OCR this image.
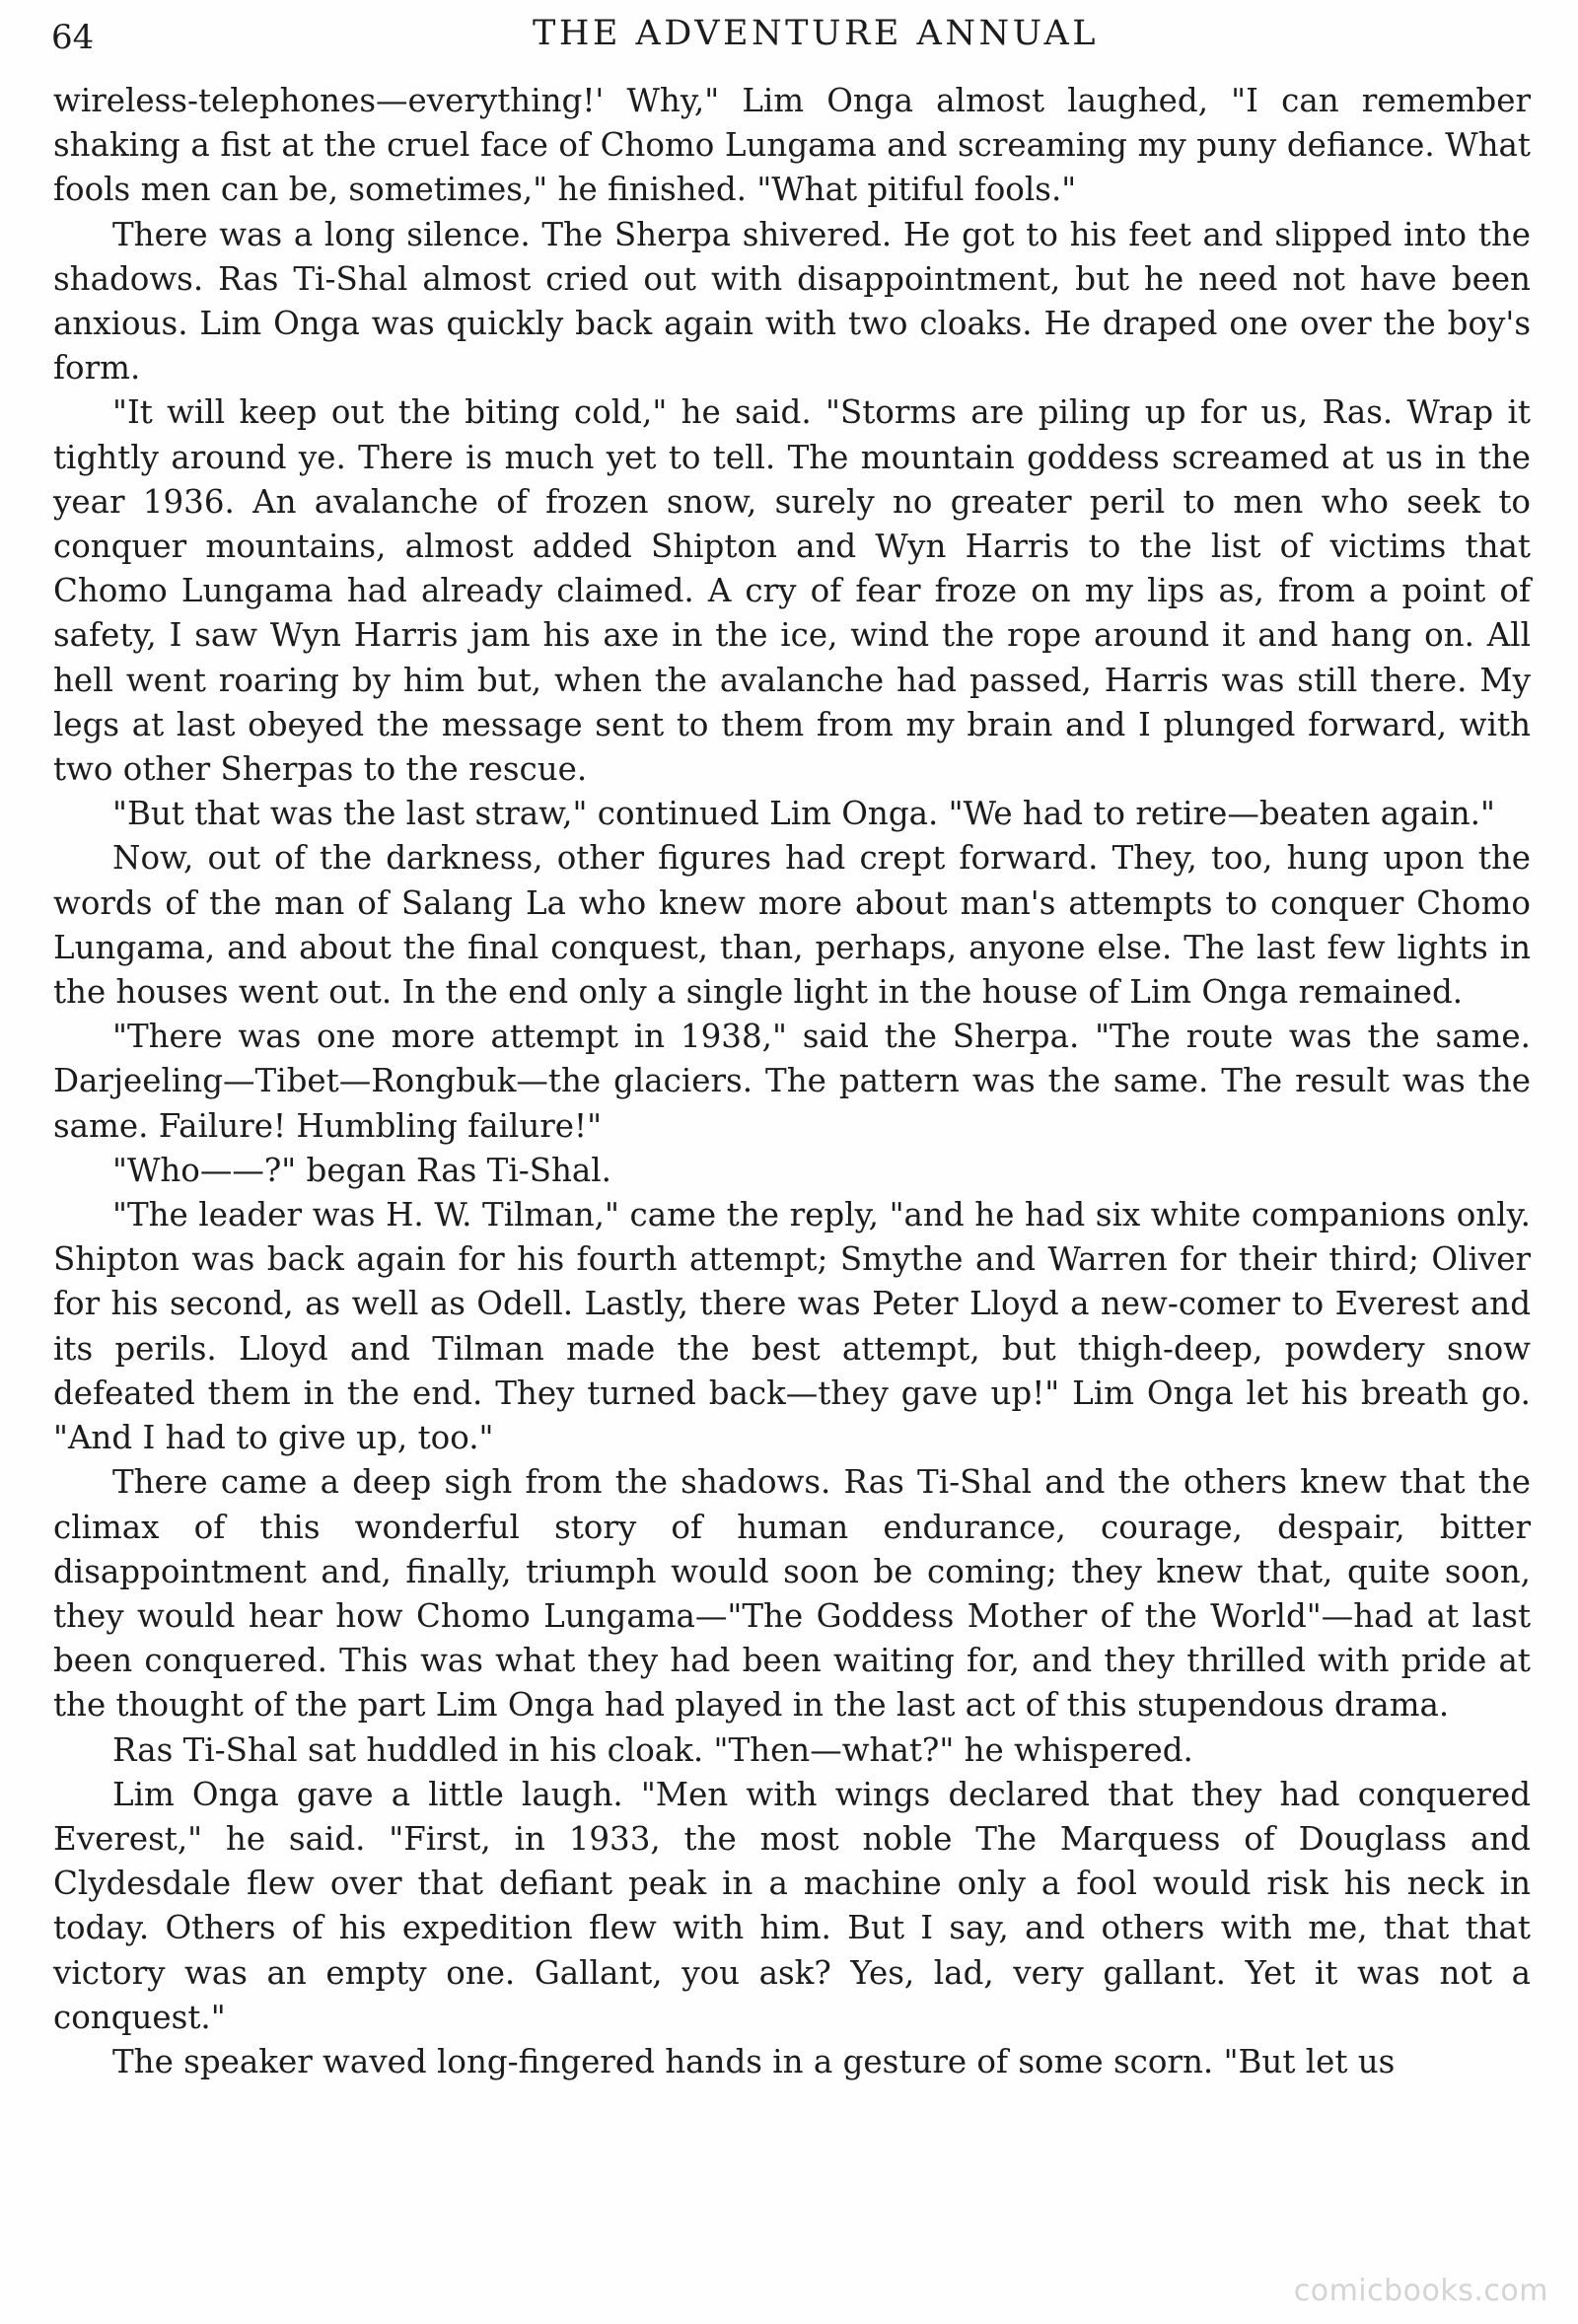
64	THE ADVENTURE ANNUAL

wireless-telephones—everything!' Why," Lim Onga almost laughed, "I can remember shaking a fist at the cruel face of Chomo Lungama and screaming my puny defiance. What fools men can be, sometimes," he finished. "What pitiful fools."

There was a long silence. The Sherpa shivered. He got to his feet and slipped into the shadows. Ras Ti-Shal almost cried out with disappointment, but he need not have been anxious. Lim Onga was quickly back again with two cloaks. He draped one over the boy's form.

"It will keep out the biting cold," he said. "Storms are piling up for us, Ras. Wrap it tightly around ye. There is much yet to tell. The mountain goddess screamed at us in the year 1936. An avalanche of frozen snow, surely no greater peril to men who seek to conquer mountains, almost added Shipton and Wyn Harris to the list of victims that Chomo Lungama had already claimed. A cry of fear froze on my lips as, from a point of safety, I saw Wyn Harris jam his axe in the ice, wind the rope around it and hang on. All hell went roaring by him but, when the avalanche had passed, Harris was still there. My legs at last obeyed the message sent to them from my brain and I plunged forward, with two other Sherpas to the rescue.

"But that was the last straw," continued Lim Onga. "We had to retire—beaten again."

Now, out of the darkness, other figures had crept forward. They, too, hung upon the words of the man of Salang La who knew more about man's attempts to conquer Chomo Lungama, and about the final conquest, than, perhaps, anyone else. The last few lights in the houses went out. In the end only a single light in the house of Lim Onga remained.

"There was one more attempt in 1938," said the Sherpa. "The route was the same. Darjeeling—Tibet—Rongbuk—the glaciers. The pattern was the same. The result was the same. Failure! Humbling failure!"

"Who——?" began Ras Ti-Shal.

"The leader was H. W. Tilman," came the reply, "and he had six white companions only. Shipton was back again for his fourth attempt; Smythe and Warren for their third; Oliver for his second, as well as Odell. Lastly, there was Peter Lloyd a new-comer to Everest and its perils. Lloyd and Tilman made the best attempt, but thigh-deep, powdery snow defeated them in the end. They turned back—they gave up!" Lim Onga let his breath go. "And I had to give up, too."

There came a deep sigh from the shadows. Ras Ti-Shal and the others knew that the climax of this wonderful story of human endurance, courage, despair, bitter disappointment and, finally, triumph would soon be coming; they knew that, quite soon, they would hear how Chomo Lungama—"The Goddess Mother of the World"—had at last been conquered. This was what they had been waiting for, and they thrilled with pride at the thought of the part Lim Onga had played in the last act of this stupendous drama.

Ras Ti-Shal sat huddled in his cloak. "Then—what?" he whispered.

Lim Onga gave a little laugh. "Men with wings declared that they had conquered Everest," he said. "First, in 1933, the most noble The Marquess of Douglass and Clydesdale flew over that defiant peak in a machine only a fool would risk his neck in today. Others of his expedition flew with him. But I say, and others with me, that that victory was an empty one. Gallant, you ask? Yes, lad, very gallant. Yet it was not a conquest."

The speaker waved long-fingered hands in a gesture of some scorn. "But let us

comicbooks.com
